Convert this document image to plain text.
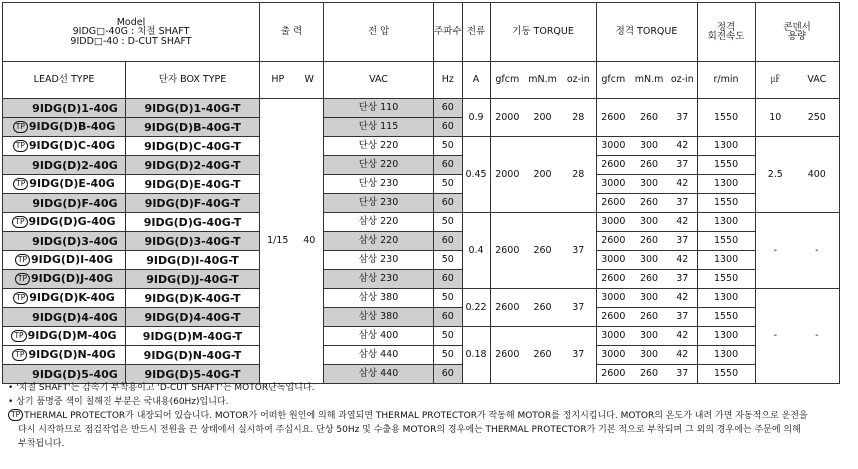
Model
9IDG□-40G : 치절 SHAFT
9IDD□-40 : D-CUT SHAFT		출 력		전 압	주파수	전류	기동 TORQUE			정격 TORQUE			정격
회전속도	콘덴서
용량	

LEAD선 TYPE	단자 BOX TYPE	HP	W	VAC	Hz	A	gfcm	mN.m	oz-in	gfcm	mN.m	oz-in	r/min	㎌	VAC
9IDG(D)1-40G	9IDG(D)1-40G-T	1/15	40	단상 110	60	0.9	2000	200	28	2600	260	37	1550	10	250
TP 9IDG(D)B-40G	9IDG(D)B-40G-T			단상 115	60										
TP 9IDG(D)C-40G	9IDG(D)C-40G-T			단상 220	50	0.45	2000	200	28	3000	300	42	1300	2.5	400
9IDG(D)2-40G	9IDG(D)2-40G-T			단상 220	60					2600	260	37	1550		
TP 9IDG(D)E-40G	9IDG(D)E-40G-T			단상 230	50					3000	300	42	1300		
9IDG(D)F-40G	9IDG(D)F-40G-T			단상 230	60					2600	260	37	1550		
TP 9IDG(D)G-40G	9IDG(D)G-40G-T			삼상 220	50	0.4	2600	260	37	3000	300	42	1300	-	-
9IDG(D)3-40G	9IDG(D)3-40G-T			삼상 220	60					2600	260	37	1550		
TP 9IDG(D)I-40G	9IDG(D)I-40G-T			삼상 230	50					3000	300	42	1300		
TP 9IDG(D)J-40G	9IDG(D)J-40G-T			삼상 230	60					2600	260	37	1550		
TP 9IDG(D)K-40G	9IDG(D)K-40G-T			삼상 380	50	0.22	2600	260	37	3000	300	42	1300	-	-
9IDG(D)4-40G	9IDG(D)4-40G-T			삼상 380	60					2600	260	37	1550		
TP 9IDG(D)M-40G	9IDG(D)M-40G-T			삼상 400	50	0.18	2600	260	37	3000	300	42	1300		
TP 9IDG(D)N-40G	9IDG(D)N-40G-T			삼상 440	50					3000	300	42	1300		
9IDG(D)5-40G	9IDG(D)5-40G-T			삼상 440	60					2600	260	37	1550		
• '치절 SHAFT'는 감속기 부착용이고 'D-CUT SHAFT'는 MOTOR단독입니다.
• 상기 품명중 색이 칠해진 부분은 국내용(60Hz)입니다.
TP THERMAL PROTECTOR가 내장되어 있습니다. MOTOR가 어떠한 원인에 의해 과열되면 THERMAL PROTECTOR가 작동해 MOTOR를 정지시킵니다. MOTOR의 온도가 내려 가면 자동적으로 운전을
다시 시작하므로 점검작업은 반드시 전원을 끈 상태에서 실시하여 주십시요. 단상 50Hz 및 수출용 MOTOR의 경우에는 THERMAL PROTECTOR가 기본 적으로 부착되며 그 외의 경우에는 주문에 의해
부착됩니다.
